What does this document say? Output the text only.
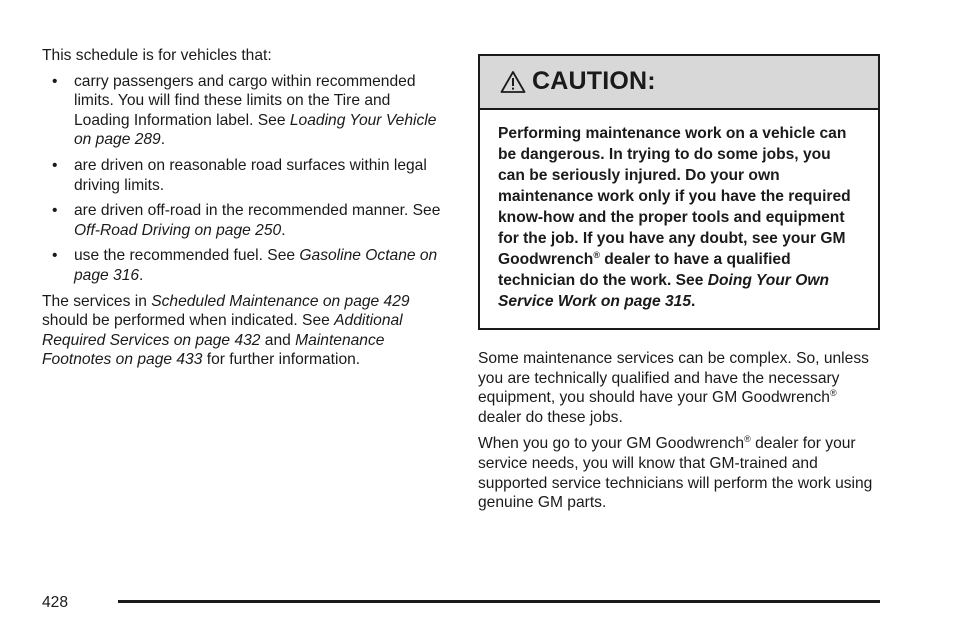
This schedule is for vehicles that:

• carry passengers and cargo within recommended limits. You will find these limits on the Tire and Loading Information label. See Loading Your Vehicle on page 289.
• are driven on reasonable road surfaces within legal driving limits.
• are driven off-road in the recommended manner. See Off-Road Driving on page 250.
• use the recommended fuel. See Gasoline Octane on page 316.

The services in Scheduled Maintenance on page 429 should be performed when indicated. See Additional Required Services on page 432 and Maintenance Footnotes on page 433 for further information.

CAUTION:
Performing maintenance work on a vehicle can be dangerous. In trying to do some jobs, you can be seriously injured. Do your own maintenance work only if you have the required know-how and the proper tools and equipment for the job. If you have any doubt, see your GM Goodwrench® dealer to have a qualified technician do the work. See Doing Your Own Service Work on page 315.

Some maintenance services can be complex. So, unless you are technically qualified and have the necessary equipment, you should have your GM Goodwrench® dealer do these jobs.

When you go to your GM Goodwrench® dealer for your service needs, you will know that GM-trained and supported service technicians will perform the work using genuine GM parts.

428
